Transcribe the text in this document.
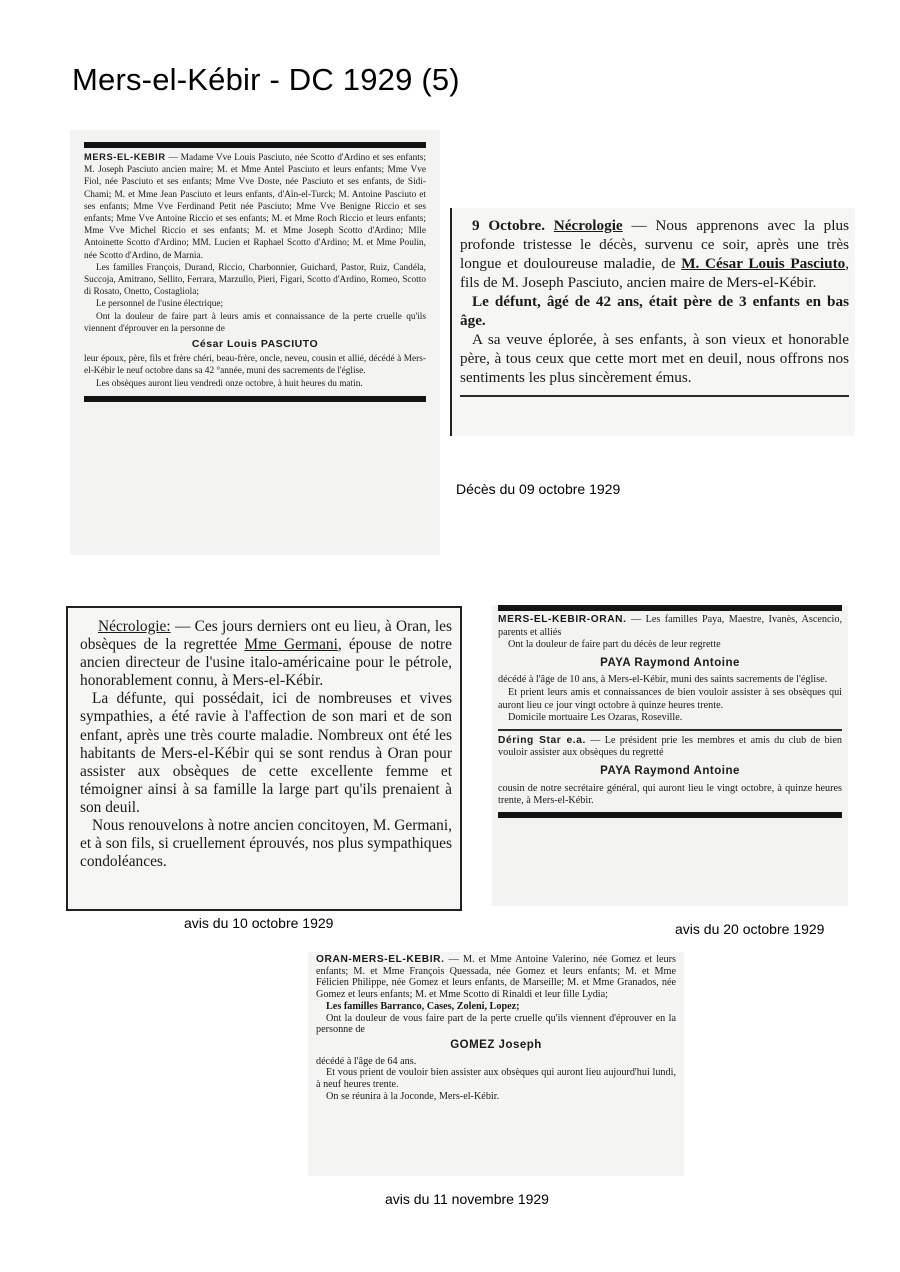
Mers-el-Kébir - DC 1929 (5)

MERS-EL-KEBIR — Madame Vve Louis Pasciuto, née Scotto d'Ardino et ses enfants; M. Joseph Pasciuto ancien maire; M. et Mme Antel Pasciuto et leurs enfants; Mme Vve Fiol, née Pasciuto et ses enfants; Mme Vve Doste, née Pasciuto et ses enfants, de Sidi-Chami; M. et Mme Jean Pasciuto et leurs enfants, d'Aïn-el-Turck; M. Antoine Pasciuto et ses enfants; Mme Vve Ferdinand Petit née Pasciuto; Mme Vve Benigne Riccio et ses enfants; Mme Vve Antoine Riccio et ses enfants; M. et Mme Roch Riccio et leurs enfants; Mme Vve Michel Riccio et ses enfants; M. et Mme Joseph Scotto d'Ardino; Mlle Antoinette Scotto d'Ardino; MM. Lucien et Raphael Scotto d'Ardino; M. et Mme Poulin, née Scotto d'Ardino, de Marnia.

Les familles François, Durand, Riccio, Charbonnier, Guichard, Pastor, Ruiz, Candéla, Succoja, Amitrano, Sellito, Ferrara, Marzullo, Pieri, Figari, Scotto d'Ardino, Romeo, Scotto di Rosato, Onetto, Costagliola;

Le personnel de l'usine électrique;

Ont la douleur de faire part à leurs amis et connaissance de la perte cruelle qu'ils viennent d'éprouver en la personne de

César Louis PASCIUTO

leur époux, père, fils et frère chéri, beau-frère, oncle, neveu, cousin et allié, décédé à Mers-el-Kébir le neuf octobre dans sa 42 °année, muni des sacrements de l'église.

Les obsèques auront lieu vendredi onze octobre, à huit heures du matin.

9 Octobre. Nécrologie — Nous apprenons avec la plus profonde tristesse le décès, survenu ce soir, après une très longue et douloureuse maladie, de M. César Louis Pasciuto, fils de M. Joseph Pasciuto, ancien maire de Mers-el-Kébir.

Le défunt, âgé de 42 ans, était père de 3 enfants en bas âge.

A sa veuve éplorée, à ses enfants, à son vieux et honorable père, à tous ceux que cette mort met en deuil, nous offrons nos sentiments les plus sincèrement émus.

Décès du 09 octobre 1929

Nécrologie: — Ces jours derniers ont eu lieu, à Oran, les obsèques de la regrettée Mme Germani, épouse de notre ancien directeur de l'usine italo-américaine pour le pétrole, honorablement connu, à Mers-el-Kébir.

La défunte, qui possédait, ici de nombreuses et vives sympathies, a été ravie à l'affection de son mari et de son enfant, après une très courte maladie. Nombreux ont été les habitants de Mers-el-Kébir qui se sont rendus à Oran pour assister aux obsèques de cette excellente femme et témoigner ainsi à sa famille la large part qu'ils prenaient à son deuil.

Nous renouvelons à notre ancien concitoyen, M. Germani, et à son fils, si cruellement éprouvés, nos plus sympathiques condoléances.

avis du 10 octobre 1929

MERS-EL-KEBIR-ORAN. — Les familles Paya, Maestre, Ivanès, Ascencio, parents et alliés

Ont la douleur de faire part du décès de leur regrette

PAYA Raymond Antoine

décédé à l'âge de 10 ans, à Mers-el-Kébir, muni des saints sacrements de l'église.

Et prient leurs amis et connaissances de bien vouloir assister à ses obsèques qui auront lieu ce jour vingt octobre à quinze heures trente.

Domicile mortuaire Les Ozaras, Roseville.

Déring Star e.a. — Le président prie les membres et amis du club de bien vouloir assister aux obsèques du regretté

PAYA Raymond Antoine

cousin de notre secrétaire général, qui auront lieu le vingt octobre, à quinze heures trente, à Mers-el-Kébir.

avis du 20 octobre 1929

ORAN-MERS-EL-KEBIR. — M. et Mme Antoine Valerino, née Gomez et leurs enfants; M. et Mme François Quessada, née Gomez et leurs enfants; M. et Mme Félicien Philippe, née Gomez et leurs enfants, de Marseille; M. et Mme Granados, née Gomez et leurs enfants; M. et Mme Scotto di Rinaldi et leur fille Lydia;

Les familles Barranco, Cases, Zoleni, Lopez;

Ont la douleur de vous faire part de la perte cruelle qu'ils viennent d'éprouver en la personne de

GOMEZ Joseph

décédé à l'âge de 64 ans.

Et vous prient de vouloir bien assister aux obsèques qui auront lieu aujourd'hui lundi, à neuf heures trente.

On se réunira à la Joconde, Mers-el-Kébir.

avis du 11 novembre 1929
